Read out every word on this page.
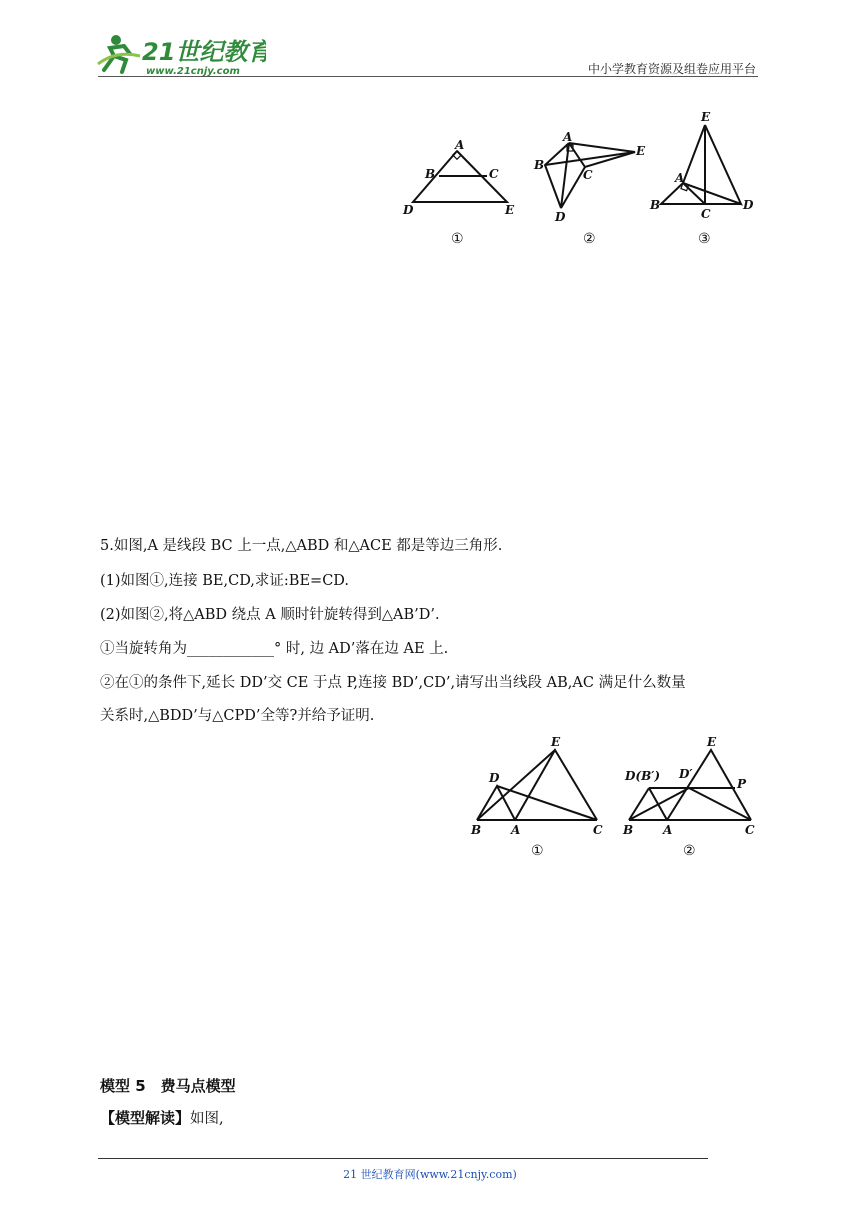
21世纪教育
www.21cnjy.com	中小学教育资源及组卷应用平台
A
B	C
D	E
①
A
B
C
D
E
②
E
A
B
C
D
③
5.如图,A 是线段 BC 上一点,△ABD 和△ACE 都是等边三角形.
(1)如图①,连接 BE,CD,求证:BE=CD.
(2)如图②,将△ABD 绕点 A 顺时针旋转得到△AB’D’.
①当旋转角为____________° 时, 边 AD’落在边 AE 上.
②在①的条件下,延长 DD’交 CE 于点 P,连接 BD’,CD’,请写出当线段 AB,AC 满足什么数量
关系时,△BDD’与△CPD’全等?并给予证明.
E
D
B A	C
①
E
D(B′) D′
P
B A	C
②
模型 5　费马点模型
【模型解读】如图,
21 世纪教育网(www.21cnjy.com)
